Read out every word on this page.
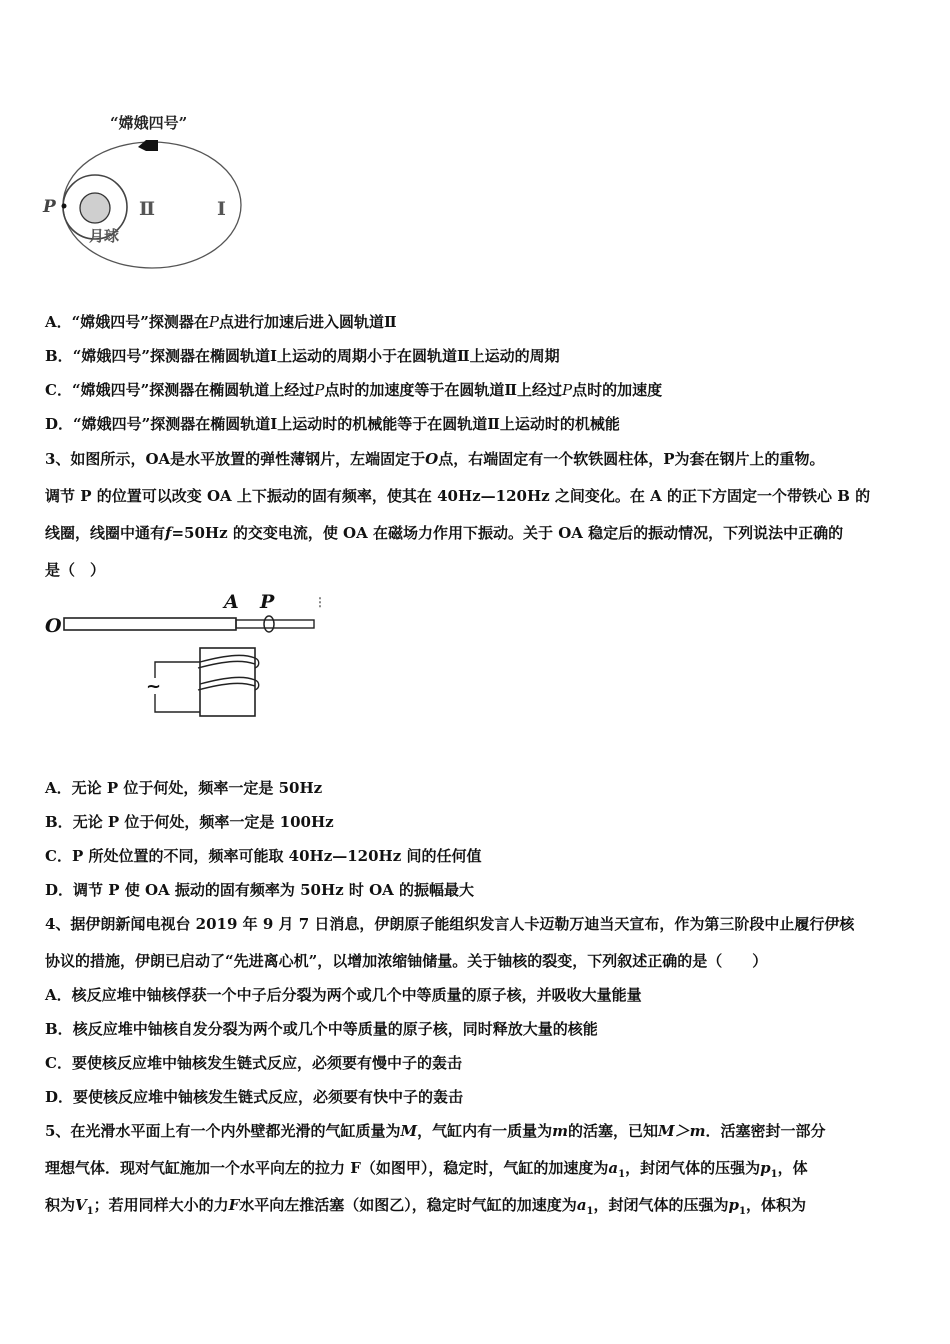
“嫦娥四号”
P
月球
Ⅱ	Ⅰ
A．“嫦娥四号”探测器在P点进行加速后进入圆轨道Ⅱ
B．“嫦娥四号”探测器在椭圆轨道Ⅰ上运动的周期小于在圆轨道Ⅱ上运动的周期
C．“嫦娥四号”探测器在椭圆轨道上经过P点时的加速度等于在圆轨道Ⅱ上经过P点时的加速度
D．“嫦娥四号”探测器在椭圆轨道Ⅰ上运动时的机械能等于在圆轨道Ⅱ上运动时的机械能
3、如图所示，OA是水平放置的弹性薄钢片，左端固定于O点，右端固定有一个软铁圆柱体，P为套在钢片上的重物。
调节 P 的位置可以改变 OA 上下振动的固有频率，使其在 40Hz—120Hz 之间变化。在 A 的正下方固定一个带铁心 B 的
线圈，线圈中通有f=50Hz 的交变电流，使 OA 在磁场力作用下振动。关于 OA 稳定后的振动情况，下列说法中正确的
是（　）
O
A P	⋮
~
A．无论 P 位于何处，频率一定是 50Hz
B．无论 P 位于何处，频率一定是 100Hz
C．P 所处位置的不同，频率可能取 40Hz—120Hz 间的任何值
D．调节 P 使 OA 振动的固有频率为 50Hz 时 OA 的振幅最大
4、据伊朗新闻电视台 2019 年 9 月 7 日消息，伊朗原子能组织发言人卡迈勒万迪当天宣布，作为第三阶段中止履行伊核
协议的措施，伊朗已启动了“先进离心机”，以增加浓缩铀储量。关于铀核的裂变，下列叙述正确的是（　　）
A．核反应堆中铀核俘获一个中子后分裂为两个或几个中等质量的原子核，并吸收大量能量
B．核反应堆中铀核自发分裂为两个或几个中等质量的原子核，同时释放大量的核能
C．要使核反应堆中铀核发生链式反应，必须要有慢中子的轰击
D．要使核反应堆中铀核发生链式反应，必须要有快中子的轰击
5、在光滑水平面上有一个内外壁都光滑的气缸质量为M，气缸内有一质量为m的活塞，已知M＞m．活塞密封一部分
理想气体．现对气缸施加一个水平向左的拉力 F（如图甲），稳定时，气缸的加速度为$a_1$，封闭气体的压强为$p_1$，体
积为$V_1$；若用同样大小的力F水平向左推活塞（如图乙），稳定时气缸的加速度为$a_1$，封闭气体的压强为$p_1$，体积为
